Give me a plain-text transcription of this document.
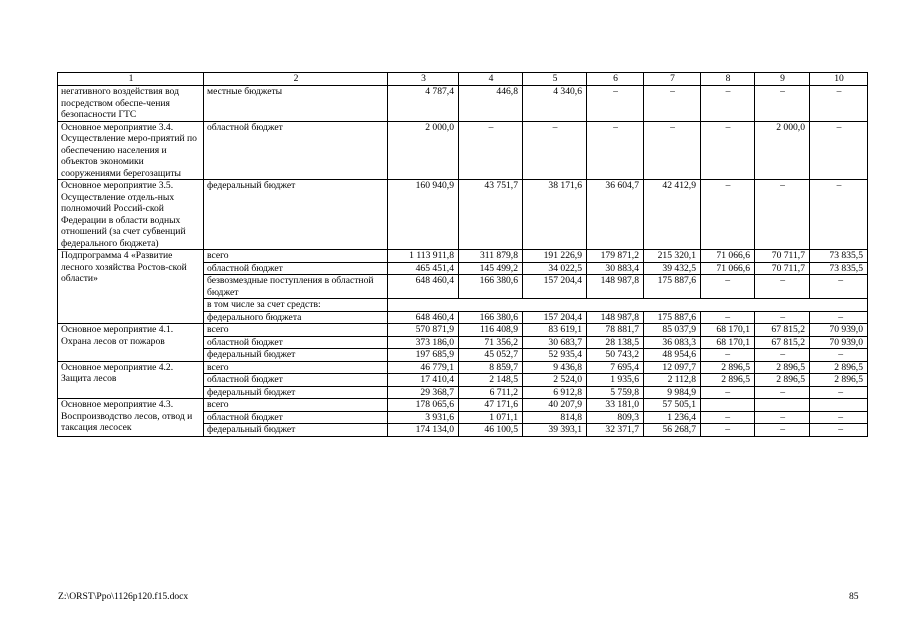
1	2	3	4	5	6	7	8	9	10
негативного воздействия вод посредством обеспе-чения безопасности ГТС	местные бюджеты	4 787,4	446,8	4 340,6	–	–	–	–	–
Основное мероприятие 3.4. Осуществление меро-приятий по обеспечению населения и объектов экономики сооружениями берегозащиты	областной бюджет	2 000,0	–	–	–	–	–	2 000,0	–
Основное мероприятие 3.5. Осуществление отдель-ных полномочий Россий-ской Федерации в области водных отношений (за счет субвенций федерального бюджета)	федеральный бюджет	160 940,9	43 751,7	38 171,6	36 604,7	42 412,9	–	–	–
Подпрограмма 4 «Развитие лесного хозяйства Ростов-ской области»	всего	1 113 911,8	311 879,8	191 226,9	179 871,2	215 320,1	71 066,6	70 711,7	73 835,5
	областной бюджет	465 451,4	145 499,2	34 022,5	30 883,4	39 432,5	71 066,6	70 711,7	73 835,5
	безвозмездные поступления в областной бюджет	648 460,4	166 380,6	157 204,4	148 987,8	175 887,6	–	–	–
	в том числе за счет средств:								
	федерального бюджета	648 460,4	166 380,6	157 204,4	148 987,8	175 887,6	–	–	–
Основное мероприятие 4.1. Охрана лесов от пожаров	всего	570 871,9	116 408,9	83 619,1	78 881,7	85 037,9	68 170,1	67 815,2	70 939,0
	областной бюджет	373 186,0	71 356,2	30 683,7	28 138,5	36 083,3	68 170,1	67 815,2	70 939,0
	федеральный бюджет	197 685,9	45 052,7	52 935,4	50 743,2	48 954,6	–	–	–
Основное мероприятие 4.2. Защита лесов	всего	46 779,1	8 859,7	9 436,8	7 695,4	12 097,7	2 896,5	2 896,5	2 896,5
	областной бюджет	17 410,4	2 148,5	2 524,0	1 935,6	2 112,8	2 896,5	2 896,5	2 896,5
	федеральный бюджет	29 368,7	6 711,2	6 912,8	5 759,8	9 984,9	–	–	–
Основное мероприятие 4.3. Воспроизводство лесов, отвод и таксация лесосек	всего	178 065,6	47 171,6	40 207,9	33 181,0	57 505,1			
	областной бюджет	3 931,6	1 071,1	814,8	809,3	1 236,4	–	–	–
	федеральный бюджет	174 134,0	46 100,5	39 393,1	32 371,7	56 268,7	–	–	–
Z:\ORST\Ppo\1126p120.f15.docx	85
